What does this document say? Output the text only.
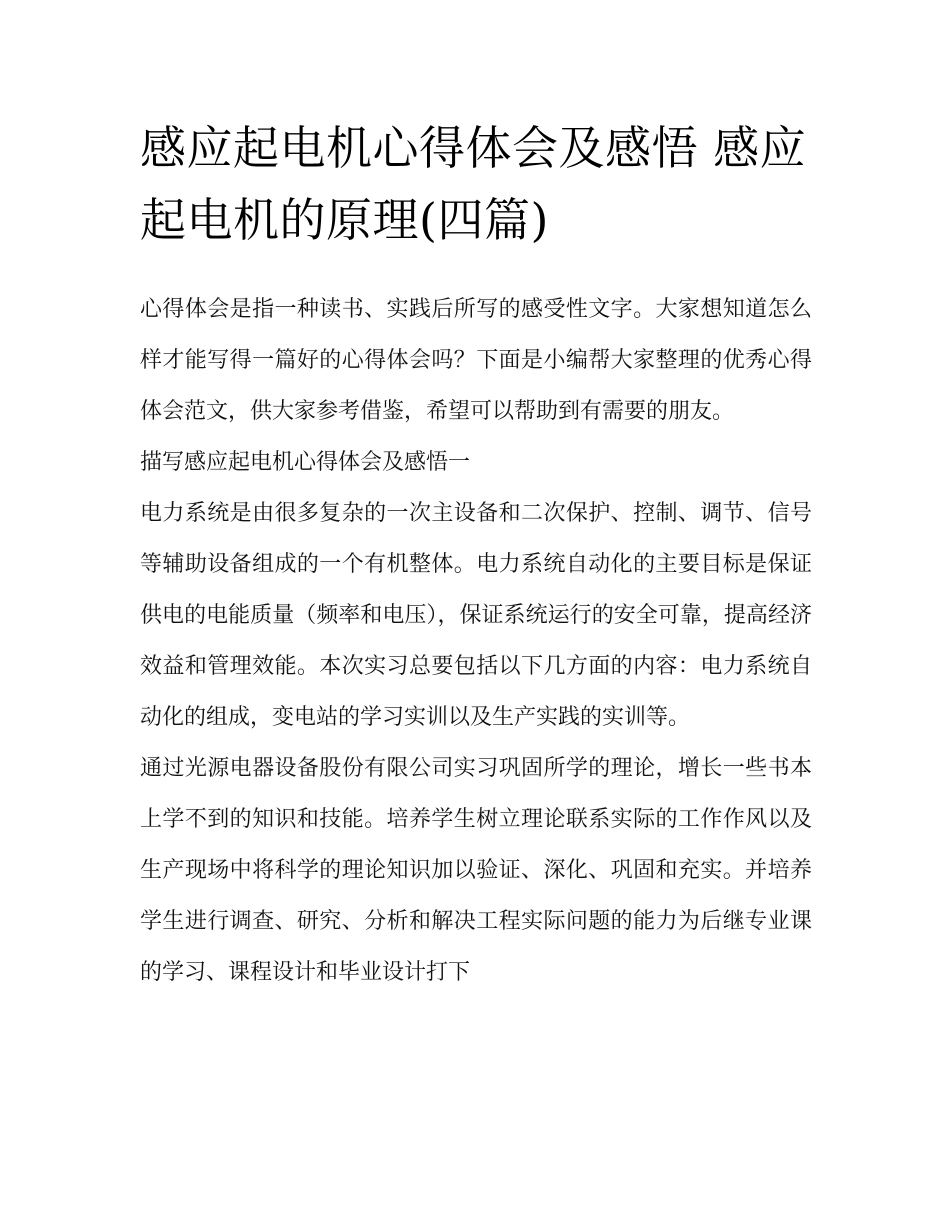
感应起电机心得体会及感悟 感应起电机的原理(四篇)

心得体会是指一种读书、实践后所写的感受性文字。大家想知道怎么样才能写得一篇好的心得体会吗？下面是小编帮大家整理的优秀心得体会范文，供大家参考借鉴，希望可以帮助到有需要的朋友。

描写感应起电机心得体会及感悟一

电力系统是由很多复杂的一次主设备和二次保护、控制、调节、信号等辅助设备组成的一个有机整体。电力系统自动化的主要目标是保证供电的电能质量（频率和电压），保证系统运行的安全可靠，提高经济效益和管理效能。本次实习总要包括以下几方面的内容：电力系统自动化的组成，变电站的学习实训以及生产实践的实训等。

通过光源电器设备股份有限公司实习巩固所学的理论，增长一些书本上学不到的知识和技能。培养学生树立理论联系实际的工作作风以及生产现场中将科学的理论知识加以验证、深化、巩固和充实。并培养学生进行调查、研究、分析和解决工程实际问题的能力为后继专业课的学习、课程设计和毕业设计打下
